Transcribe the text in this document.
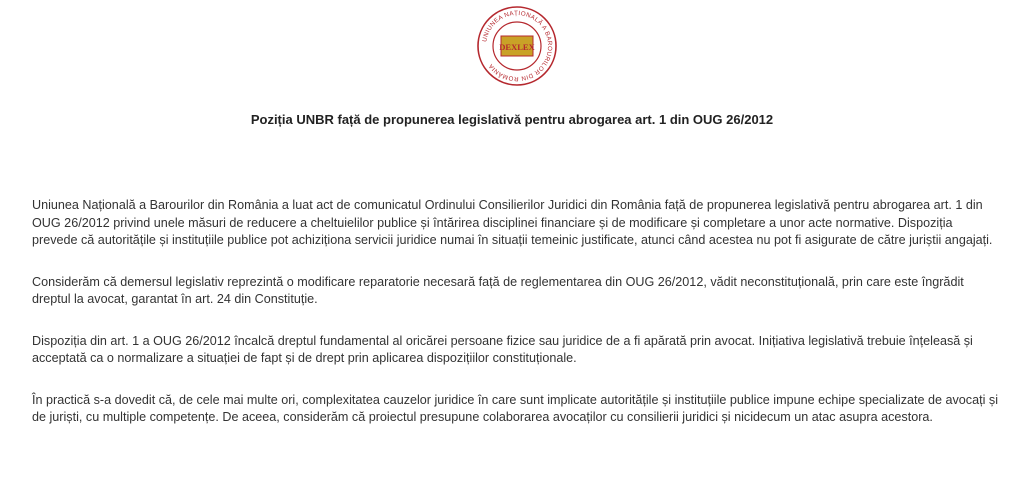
UNIUNEA NAȚIONALĂ A BAROURILOR DIN ROMÂNIA
DEXLEX
Poziția UNBR față de propunerea legislativă pentru abrogarea art. 1 din OUG 26/2012

Uniunea Națională a Barourilor din România a luat act de comunicatul Ordinului Consilierilor Juridici din România față de propunerea legislativă pentru abrogarea art. 1 din OUG 26/2012 privind unele măsuri de reducere a cheltuielilor publice și întărirea disciplinei financiare și de modificare și completare a unor acte normative. Dispoziția prevede că autoritățile și instituțiile publice pot achiziționa servicii juridice numai în situații temeinic justificate, atunci când acestea nu pot fi asigurate de către juriștii angajați.

Considerăm că demersul legislativ reprezintă o modificare reparatorie necesară față de reglementarea din OUG 26/2012, vădit neconstituțională, prin care este îngrădit dreptul la avocat, garantat în art. 24 din Constituție.

Dispoziția din art. 1 a OUG 26/2012 încalcă dreptul fundamental al oricărei persoane fizice sau juridice de a fi apărată prin avocat. Inițiativa legislativă trebuie înțeleasă și acceptată ca o normalizare a situației de fapt și de drept prin aplicarea dispozițiilor constituționale.

În practică s-a dovedit că, de cele mai multe ori, complexitatea cauzelor juridice în care sunt implicate autoritățile și instituțiile publice impune echipe specializate de avocați și de juriști, cu multiple competențe. De aceea, considerăm că proiectul presupune colaborarea avocaților cu consilierii juridici și nicidecum un atac asupra acestora.
